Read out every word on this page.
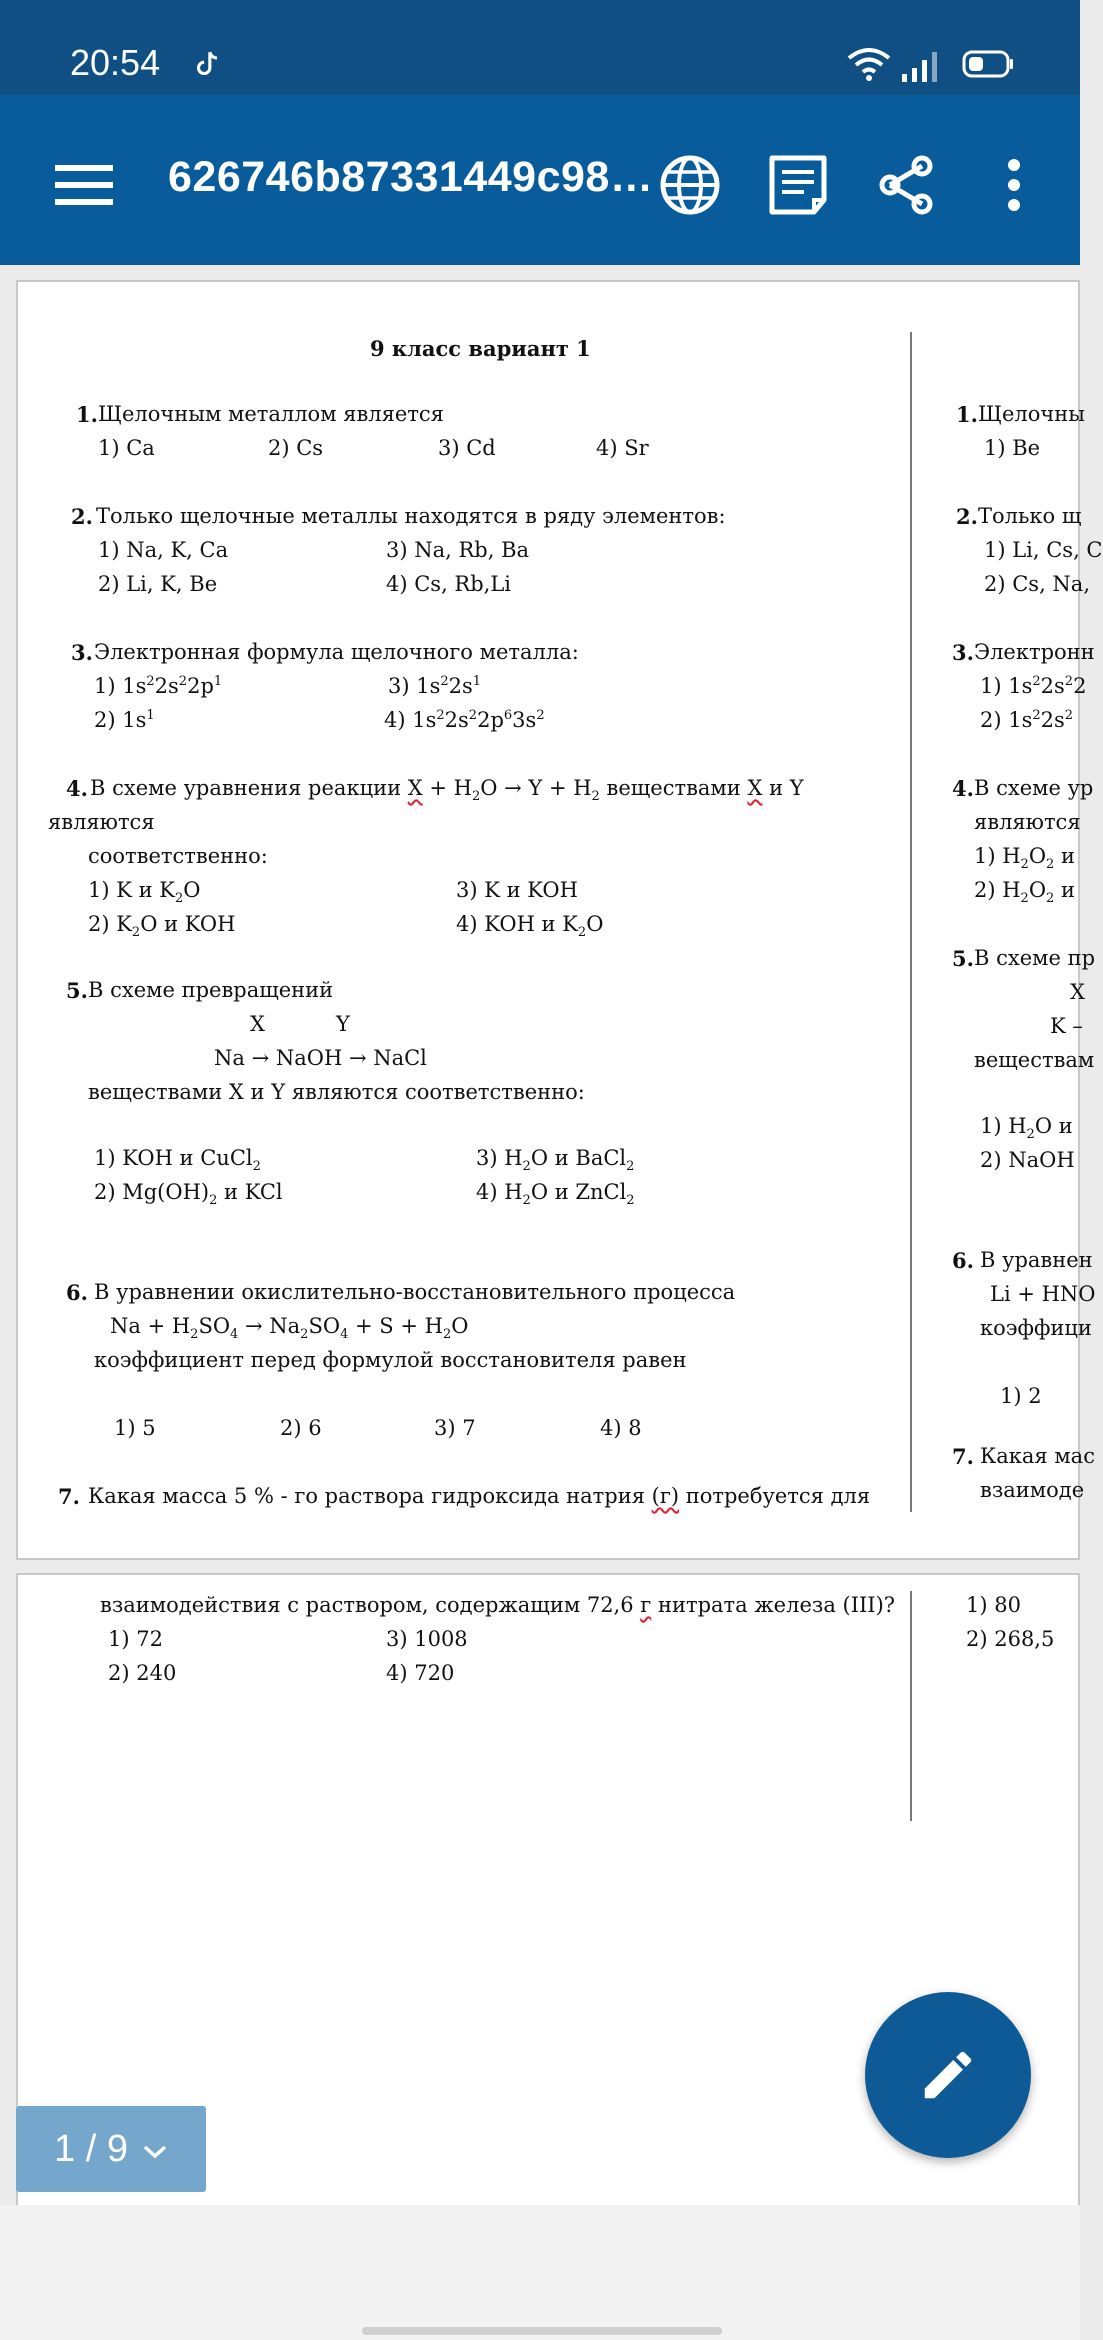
20:54
626746b87331449c98…
9 класс вариант 1
1. Щелочным металлом является
1) Ca	2) Cs	3) Cd	4) Sr
2. Только щелочные металлы находятся в ряду элементов:
1) Na, K, Ca	3) Na, Rb, Ba
2) Li, K, Be	4) Cs, Rb,Li
3. Электронная формула щелочного металла:
1) $1s^22s^22p^1$	3) $1s^22s^1$
2) $1s^1$	4) $1s^22s^22p^63s^2$
4. В схеме уравнения реакции $X + H_2O \to Y + H_2$ веществами X и Y
являются
соответственно:
1) K и $K_2O$	3) K и KOH
2) $K_2O$ и KOH	4) KOH и $K_2O$
5. В схеме превращений
X	Y
Na → NaOH → NaCl
веществами X и Y являются соответственно:
1) KOH и CuCl$_2$	3) $H_2O$ и BaCl$_2$
2) $Mg(OH)_2$ и KCl	4) $H_2O$ и ZnCl$_2$
6. В уравнении окислительно-восстановительного процесса
$Na + H_2SO_4 \to Na_2SO_4 + S + H_2O$
коэффициент перед формулой восстановителя равен
1) 5	2) 6	3) 7	4) 8
7. Какая масса 5 % - го раствора гидроксида натрия (г) потребуется для
1. Щелочны
1) Be
2. Только щ
1) Li, Cs, C
2) Cs, Na,
3. Электронн
1) $1s^22s^22$
2) $1s^22s^2$
4. В схеме ур
являются
1) $H_2O_2$ и
2) $H_2O_2$ и
5. В схеме пр
X
K –
веществам
1) $H_2O$ и
2) NaOH
6. В уравнен
Li + HNO
коэффици
1) 2
7. Какая мас
взаимоде
взаимодействия с раствором, содержащим 72,6 г нитрата железа (III)?
1) 72	3) 1008
2) 240	4) 720
1) 80
2) 268,5
1 / 9
